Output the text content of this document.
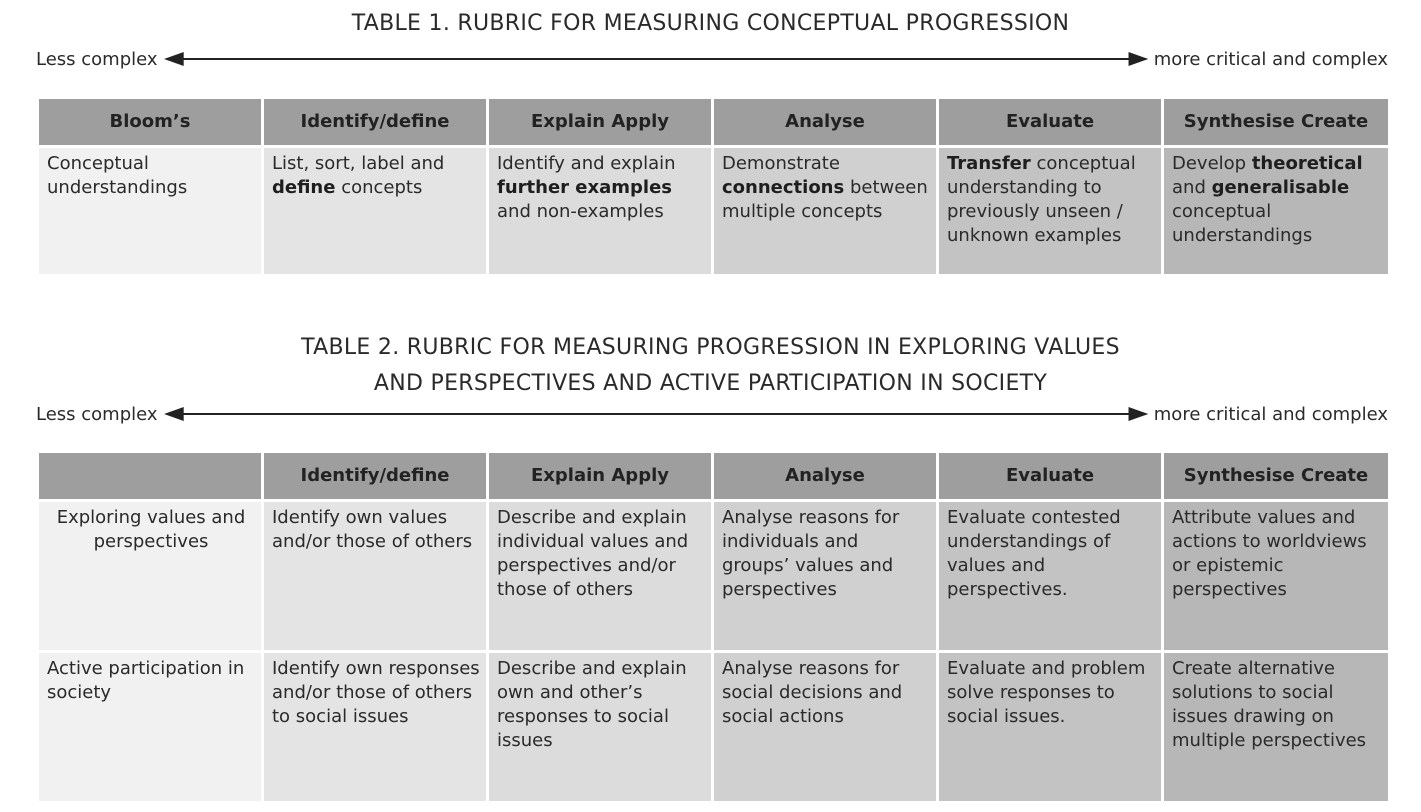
TABLE 1. RUBRIC FOR MEASURING CONCEPTUAL PROGRESSION
Less complex	more critical and complex
Bloom’s	Identify/define	Explain Apply	Analyse	Evaluate	Synthesise Create
Conceptual understandings	List, sort, label and define concepts	Identify and explain further examples and non-examples	Demonstrate connections between multiple concepts	Transfer conceptual understanding to previously unseen / unknown examples	Develop theoretical and generalisable conceptual understandings
TABLE 2. RUBRIC FOR MEASURING PROGRESSION IN EXPLORING VALUES
AND PERSPECTIVES AND ACTIVE PARTICIPATION IN SOCIETY
Less complex	more critical and complex
	Identify/define	Explain Apply	Analyse	Evaluate	Synthesise Create
Exploring values and perspectives	Identify own values and/or those of others	Describe and explain individual values and perspectives and/or those of others	Analyse reasons for individuals and groups’ values and perspectives	Evaluate contested understandings of values and perspectives.	Attribute values and actions to worldviews or epistemic perspectives
Active participation in society	Identify own responses and/or those of others to social issues	Describe and explain own and other’s responses to social issues	Analyse reasons for social decisions and social actions	Evaluate and problem solve responses to social issues.	Create alternative solutions to social issues drawing on multiple perspectives
